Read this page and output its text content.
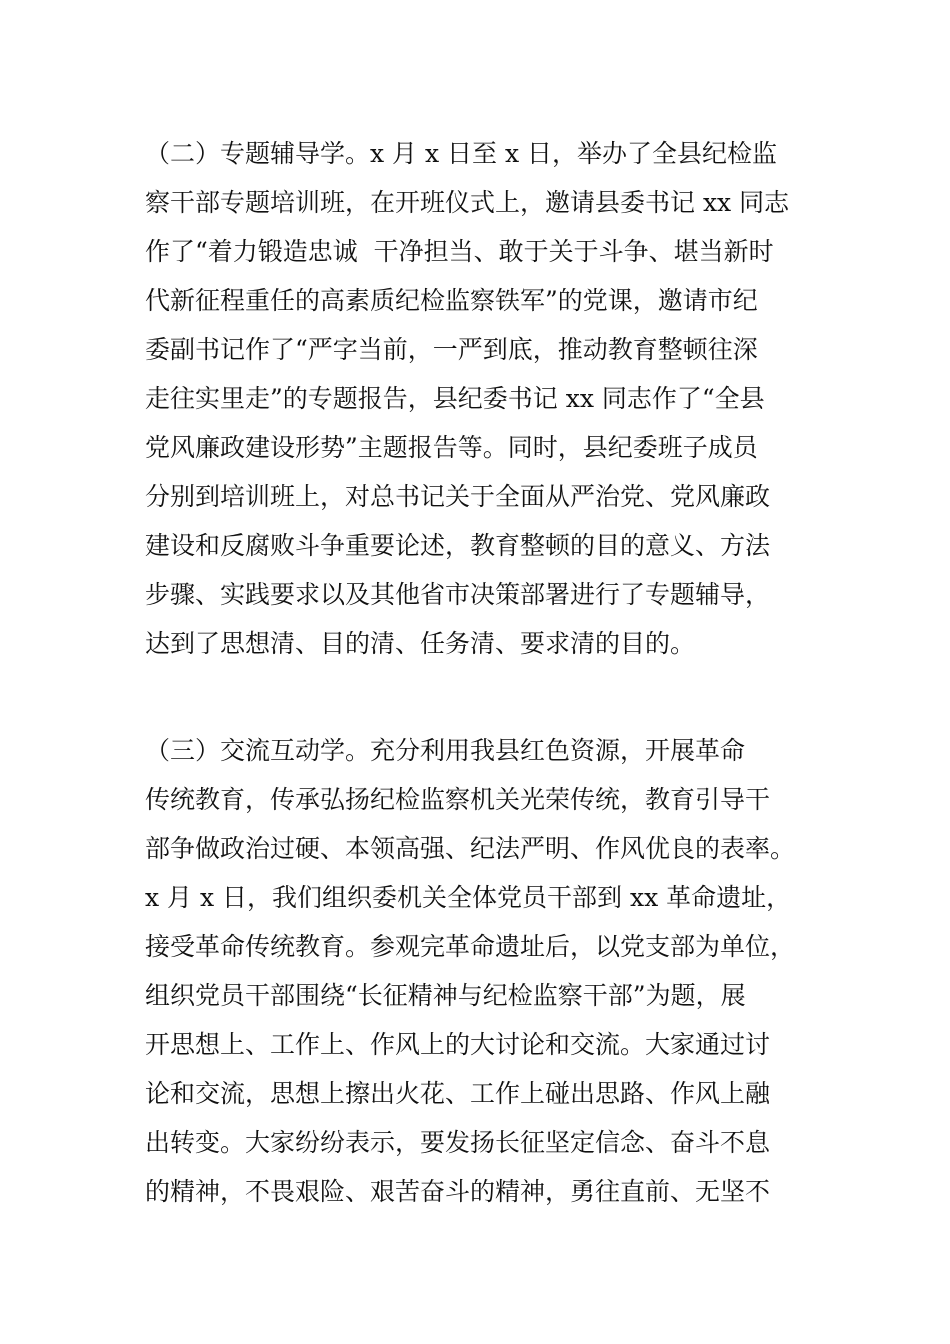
（二）专题辅导学。x 月 x 日至 x 日，举办了全县纪检监
察干部专题培训班，在开班仪式上，邀请县委书记 xx 同志
作了“着力锻造忠诚  干净担当、敢于关于斗争、堪当新时
代新征程重任的高素质纪检监察铁军”的党课，邀请市纪
委副书记作了“严字当前，一严到底，推动教育整顿往深
走往实里走”的专题报告，县纪委书记 xx 同志作了“全县
党风廉政建设形势”主题报告等。同时，县纪委班子成员
分别到培训班上，对总书记关于全面从严治党、党风廉政
建设和反腐败斗争重要论述，教育整顿的目的意义、方法
步骤、实践要求以及其他省市决策部署进行了专题辅导，
达到了思想清、目的清、任务清、要求清的目的。
（三）交流互动学。充分利用我县红色资源，开展革命
传统教育，传承弘扬纪检监察机关光荣传统，教育引导干
部争做政治过硬、本领高强、纪法严明、作风优良的表率。
x 月 x 日，我们组织委机关全体党员干部到 xx 革命遗址，
接受革命传统教育。参观完革命遗址后，以党支部为单位，
组织党员干部围绕“长征精神与纪检监察干部”为题，展
开思想上、工作上、作风上的大讨论和交流。大家通过讨
论和交流，思想上擦出火花、工作上碰出思路、作风上融
出转变。大家纷纷表示，要发扬长征坚定信念、奋斗不息
的精神，不畏艰险、艰苦奋斗的精神，勇往直前、无坚不
